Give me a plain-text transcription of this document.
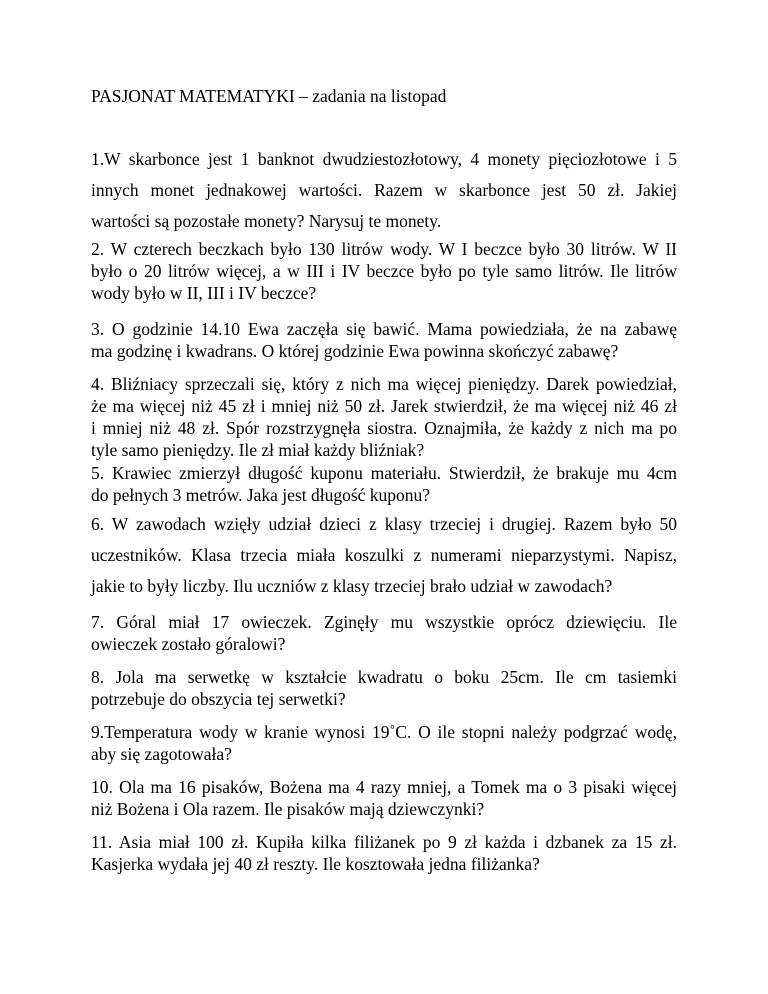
PASJONAT MATEMATYKI – zadania na listopad
1.W skarbonce jest 1 banknot dwudziestozłotowy, 4 monety pięciozłotowe i 5
innych monet jednakowej wartości. Razem w skarbonce jest 50 zł. Jakiej
wartości są pozostałe monety? Narysuj te monety.
2. W czterech beczkach było 130 litrów wody. W I beczce było 30 litrów. W II
było o 20 litrów więcej, a w III i IV beczce było po tyle samo litrów. Ile litrów
wody było w II, III i IV beczce?
3. O godzinie 14.10 Ewa zaczęła się bawić. Mama powiedziała, że na zabawę
ma godzinę i kwadrans. O której godzinie Ewa powinna skończyć zabawę?
4. Bliźniacy sprzeczali się, który z nich ma więcej pieniędzy. Darek powiedział,
że ma więcej niż 45 zł i mniej niż 50 zł. Jarek stwierdził, że ma więcej niż 46 zł
i mniej niż 48 zł. Spór rozstrzygnęła siostra. Oznajmiła, że każdy z nich ma po
tyle samo pieniędzy. Ile zł miał każdy bliźniak?
5. Krawiec zmierzył długość kuponu materiału. Stwierdził, że brakuje mu 4cm
do pełnych 3 metrów. Jaka jest długość kuponu?
6. W zawodach wzięły udział dzieci z klasy trzeciej i drugiej. Razem było 50
uczestników. Klasa trzecia miała koszulki z numerami nieparzystymi. Napisz,
jakie to były liczby. Ilu uczniów z klasy trzeciej brało udział w zawodach?
7. Góral miał 17 owieczek. Zginęły mu wszystkie oprócz dziewięciu. Ile
owieczek zostało góralowi?
8. Jola ma serwetkę w kształcie kwadratu o boku 25cm. Ile cm tasiemki
potrzebuje do obszycia tej serwetki?
9.Temperatura wody w kranie wynosi 19˚C. O ile stopni należy podgrzać wodę,
aby się zagotowała?
10. Ola ma 16 pisaków, Bożena ma 4 razy mniej, a Tomek ma o 3 pisaki więcej
niż Bożena i Ola razem. Ile pisaków mają dziewczynki?
11. Asia miał 100 zł. Kupiła kilka filiżanek po 9 zł każda i dzbanek za 15 zł.
Kasjerka wydała jej 40 zł reszty. Ile kosztowała jedna filiżanka?
